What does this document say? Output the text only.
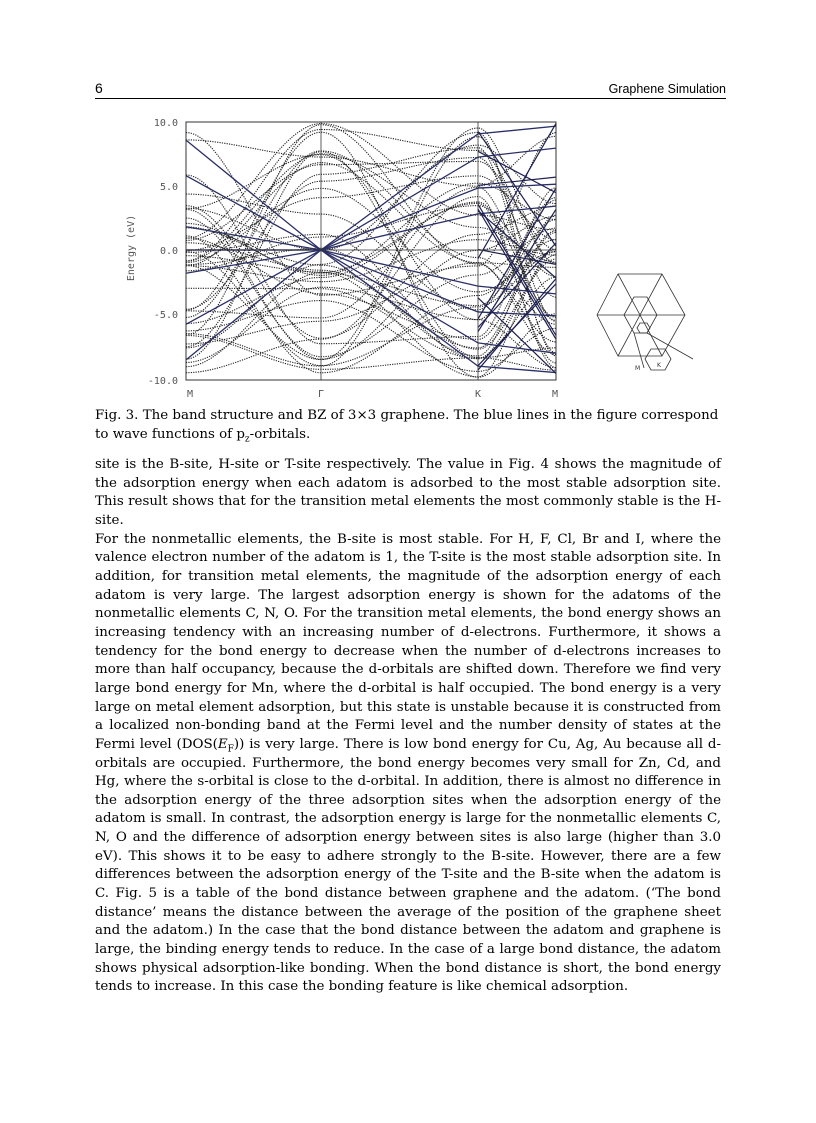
6	Graphene Simulation
Energy (eV)
10.0
5.0
0.0
-5.0
-10.0
M	Γ	K	M
M	K
Fig. 3. The band structure and BZ of 3×3 graphene. The blue lines in the figure correspond to wave functions of $p_z$-orbitals.

site is the B-site, H-site or T-site respectively. The value in Fig. 4 shows the magnitude of the adsorption energy when each adatom is adsorbed to the most stable adsorption site. This result shows that for the transition metal elements the most commonly stable is the H-site.

For the nonmetallic elements, the B-site is most stable. For H, F, Cl, Br and I, where the valence electron number of the adatom is 1, the T-site is the most stable adsorption site. In addition, for transition metal elements, the magnitude of the adsorption energy of each adatom is very large. The largest adsorption energy is shown for the adatoms of the nonmetallic elements C, N, O. For the transition metal elements, the bond energy shows an increasing tendency with an increasing number of d-electrons. Furthermore, it shows a tendency for the bond energy to decrease when the number of d-electrons increases to more than half occupancy, because the d-orbitals are shifted down. Therefore we find very large bond energy for Mn, where the d-orbital is half occupied. The bond energy is a very large on metal element adsorption, but this state is unstable because it is constructed from a localized non-bonding band at the Fermi level and the number density of states at the Fermi level $(DOS(E_F))$ is very large. There is low bond energy for Cu, Ag, Au because all d-orbitals are occupied. Furthermore, the bond energy becomes very small for Zn, Cd, and Hg, where the s-orbital is close to the d-orbital. In addition, there is almost no difference in the adsorption energy of the three adsorption sites when the adsorption energy of the adatom is small. In contrast, the adsorption energy is large for the nonmetallic elements C, N, O and the difference of adsorption energy between sites is also large (higher than 3.0 eV). This shows it to be easy to adhere strongly to the B-site. However, there are a few differences between the adsorption energy of the T-site and the B-site when the adatom is C. Fig. 5 is a table of the bond distance between graphene and the adatom. (‘The bond distance’ means the distance between the average of the position of the graphene sheet and the adatom.) In the case that the bond distance between the adatom and graphene is large, the binding energy tends to reduce. In the case of a large bond distance, the adatom shows physical adsorption-like bonding. When the bond distance is short, the bond energy tends to increase. In this case the bonding feature is like chemical adsorption.
